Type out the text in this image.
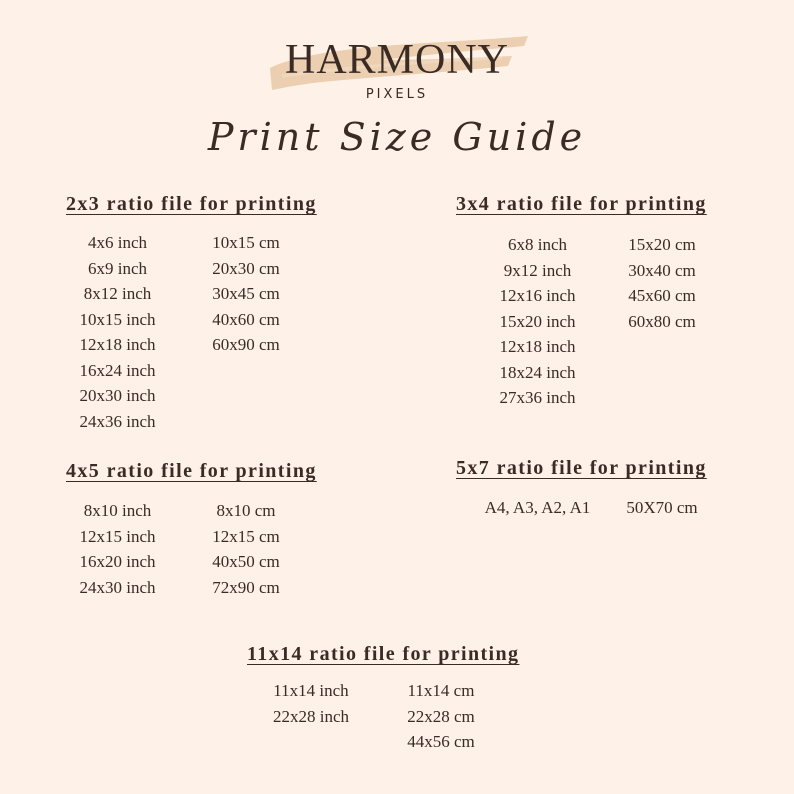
HARMONY
PIXELS
Print Size Guide
2x3 ratio file for printing
4x6 inch
6x9 inch
8x12 inch
10x15 inch
12x18 inch
16x24 inch
20x30 inch
24x36 inch
10x15 cm
20x30 cm
30x45 cm
40x60 cm
60x90 cm
3x4 ratio file for printing
6x8 inch
9x12 inch
12x16 inch
15x20 inch
12x18 inch
18x24 inch
27x36 inch
15x20 cm
30x40 cm
45x60 cm
60x80 cm
4x5 ratio file for printing
8x10 inch
12x15 inch
16x20 inch
24x30 inch
8x10 cm
12x15 cm
40x50 cm
72x90 cm
5x7 ratio file for printing
A4, A3, A2, A1	50X70 cm
11x14 ratio file for printing
11x14 inch
22x28 inch
11x14 cm
22x28 cm
44x56 cm
